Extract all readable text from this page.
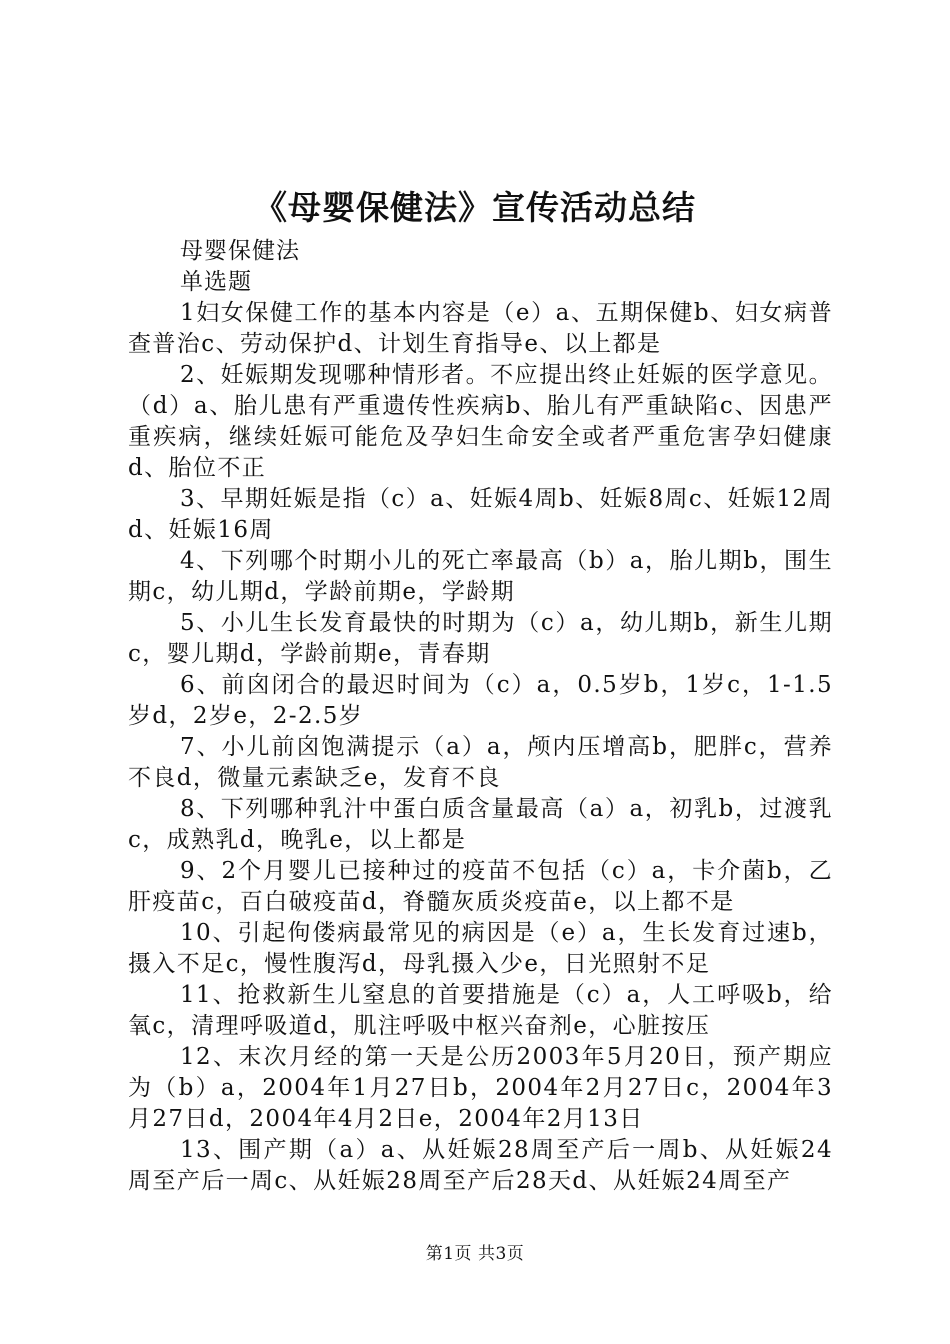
《母婴保健法》宣传活动总结

母婴保健法

单选题

1妇女保健工作的基本内容是（e）a、五期保健b、妇女病普查普治c、劳动保护d、计划生育指导e、以上都是

2、妊娠期发现哪种情形者。不应提出终止妊娠的医学意见。（d）a、胎儿患有严重遗传性疾病b、胎儿有严重缺陷c、因患严重疾病，继续妊娠可能危及孕妇生命安全或者严重危害孕妇健康d、胎位不正

3、早期妊娠是指（c）a、妊娠4周b、妊娠8周c、妊娠12周d、妊娠16周

4、下列哪个时期小儿的死亡率最高（b）a，胎儿期b，围生期c，幼儿期d，学龄前期e，学龄期

5、小儿生长发育最快的时期为（c）a，幼儿期b，新生儿期c，婴儿期d，学龄前期e，青春期

6、前囟闭合的最迟时间为（c）a，0.5岁b，1岁c，1-1.5岁d，2岁e，2-2.5岁

7、小儿前囟饱满提示（a）a，颅内压增高b，肥胖c，营养不良d，微量元素缺乏e，发育不良

8、下列哪种乳汁中蛋白质含量最高（a）a，初乳b，过渡乳c，成熟乳d，晚乳e，以上都是

9、2个月婴儿已接种过的疫苗不包括（c）a，卡介菌b，乙肝疫苗c，百白破疫苗d，脊髓灰质炎疫苗e，以上都不是

10、引起佝偻病最常见的病因是（e）a，生长发育过速b，摄入不足c，慢性腹泻d，母乳摄入少e，日光照射不足

11、抢救新生儿窒息的首要措施是（c）a，人工呼吸b，给氧c，清理呼吸道d，肌注呼吸中枢兴奋剂e，心脏按压

12、末次月经的第一天是公历2003年5月20日，预产期应为（b）a，2004年1月27日b，2004年2月27日c，2004年3月27日d，2004年4月2日e，2004年2月13日

13、围产期（a）a、从妊娠28周至产后一周b、从妊娠24周至产后一周c、从妊娠28周至产后28天d、从妊娠24周至产

第1页 共3页
